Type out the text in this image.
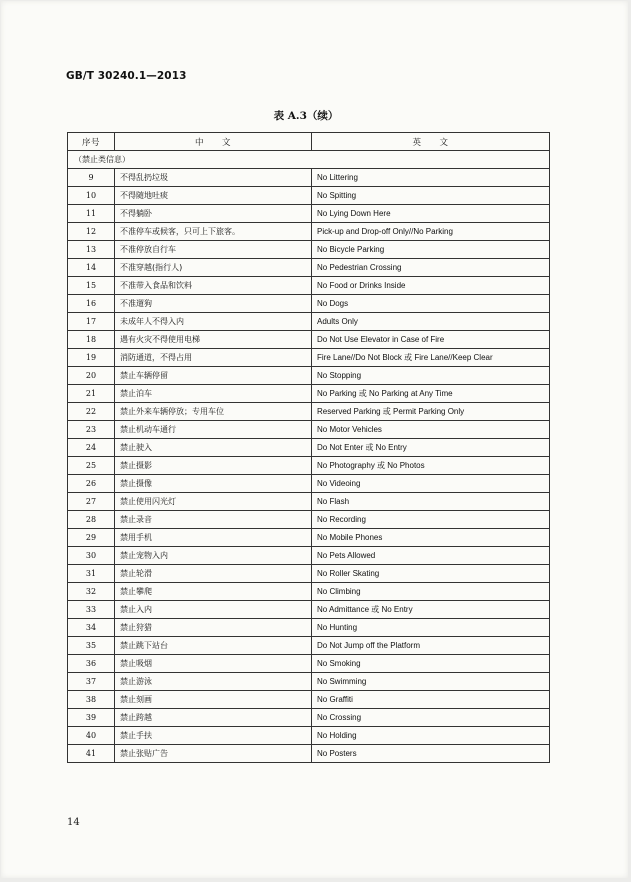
GB/T 30240.1—2013
表 A.3（续）
序号	中　　文	英　　文
（禁止类信息）		
9	不得乱扔垃圾	No Littering
10	不得随地吐痰	No Spitting
11	不得躺卧	No Lying Down Here
12	不准停车或候客，只可上下旅客。	Pick-up and Drop-off Only//No Parking
13	不准停放自行车	No Bicycle Parking
14	不准穿越(指行人)	No Pedestrian Crossing
15	不准带入食品和饮料	No Food or Drinks Inside
16	不准遛狗	No Dogs
17	未成年人不得入内	Adults Only
18	遇有火灾不得使用电梯	Do Not Use Elevator in Case of Fire
19	消防通道，不得占用	Fire Lane//Do Not Block 或 Fire Lane//Keep Clear
20	禁止车辆停留	No Stopping
21	禁止泊车	No Parking 或 No Parking at Any Time
22	禁止外来车辆停放；专用车位	Reserved Parking 或 Permit Parking Only
23	禁止机动车通行	No Motor Vehicles
24	禁止驶入	Do Not Enter 或 No Entry
25	禁止摄影	No Photography 或 No Photos
26	禁止摄像	No Videoing
27	禁止使用闪光灯	No Flash
28	禁止录音	No Recording
29	禁用手机	No Mobile Phones
30	禁止宠物入内	No Pets Allowed
31	禁止轮滑	No Roller Skating
32	禁止攀爬	No Climbing
33	禁止入内	No Admittance 或 No Entry
34	禁止狩猎	No Hunting
35	禁止跳下站台	Do Not Jump off the Platform
36	禁止吸烟	No Smoking
37	禁止游泳	No Swimming
38	禁止刻画	No Graffiti
39	禁止跨越	No Crossing
40	禁止手扶	No Holding
41	禁止张贴广告	No Posters
14
